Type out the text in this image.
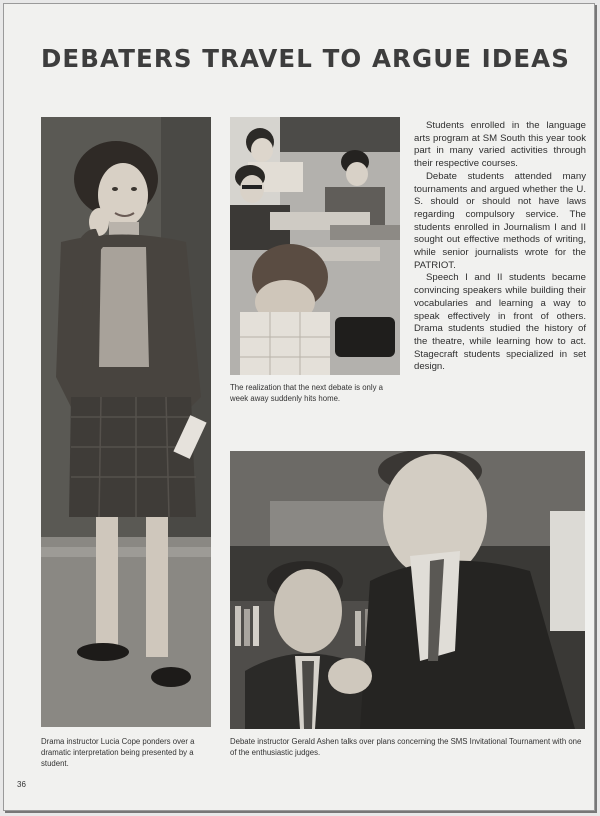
DEBATERS TRAVEL TO ARGUE IDEAS
The realization that the next debate is only a week away suddenly hits home.

Students enrolled in the language arts program at SM South this year took part in many varied activities through their respective courses.

Debate students attended many tournaments and argued whether the U. S. should or should not have laws regarding compulsory service. The students enrolled in Journalism I and II sought out effective methods of writing, while senior journalists wrote for the PATRIOT.

Speech I and II students became convincing speakers while building their vocabularies and learning a way to speak effectively in front of others. Drama students studied the history of the theatre, while learning how to act. Stagecraft students specialized in set design.

Drama instructor Lucia Cope ponders over a dramatic interpretation being presented by a student.
Debate instructor Gerald Ashen talks over plans concerning the SMS Invitational Tournament with one of the enthusiastic judges.
36
